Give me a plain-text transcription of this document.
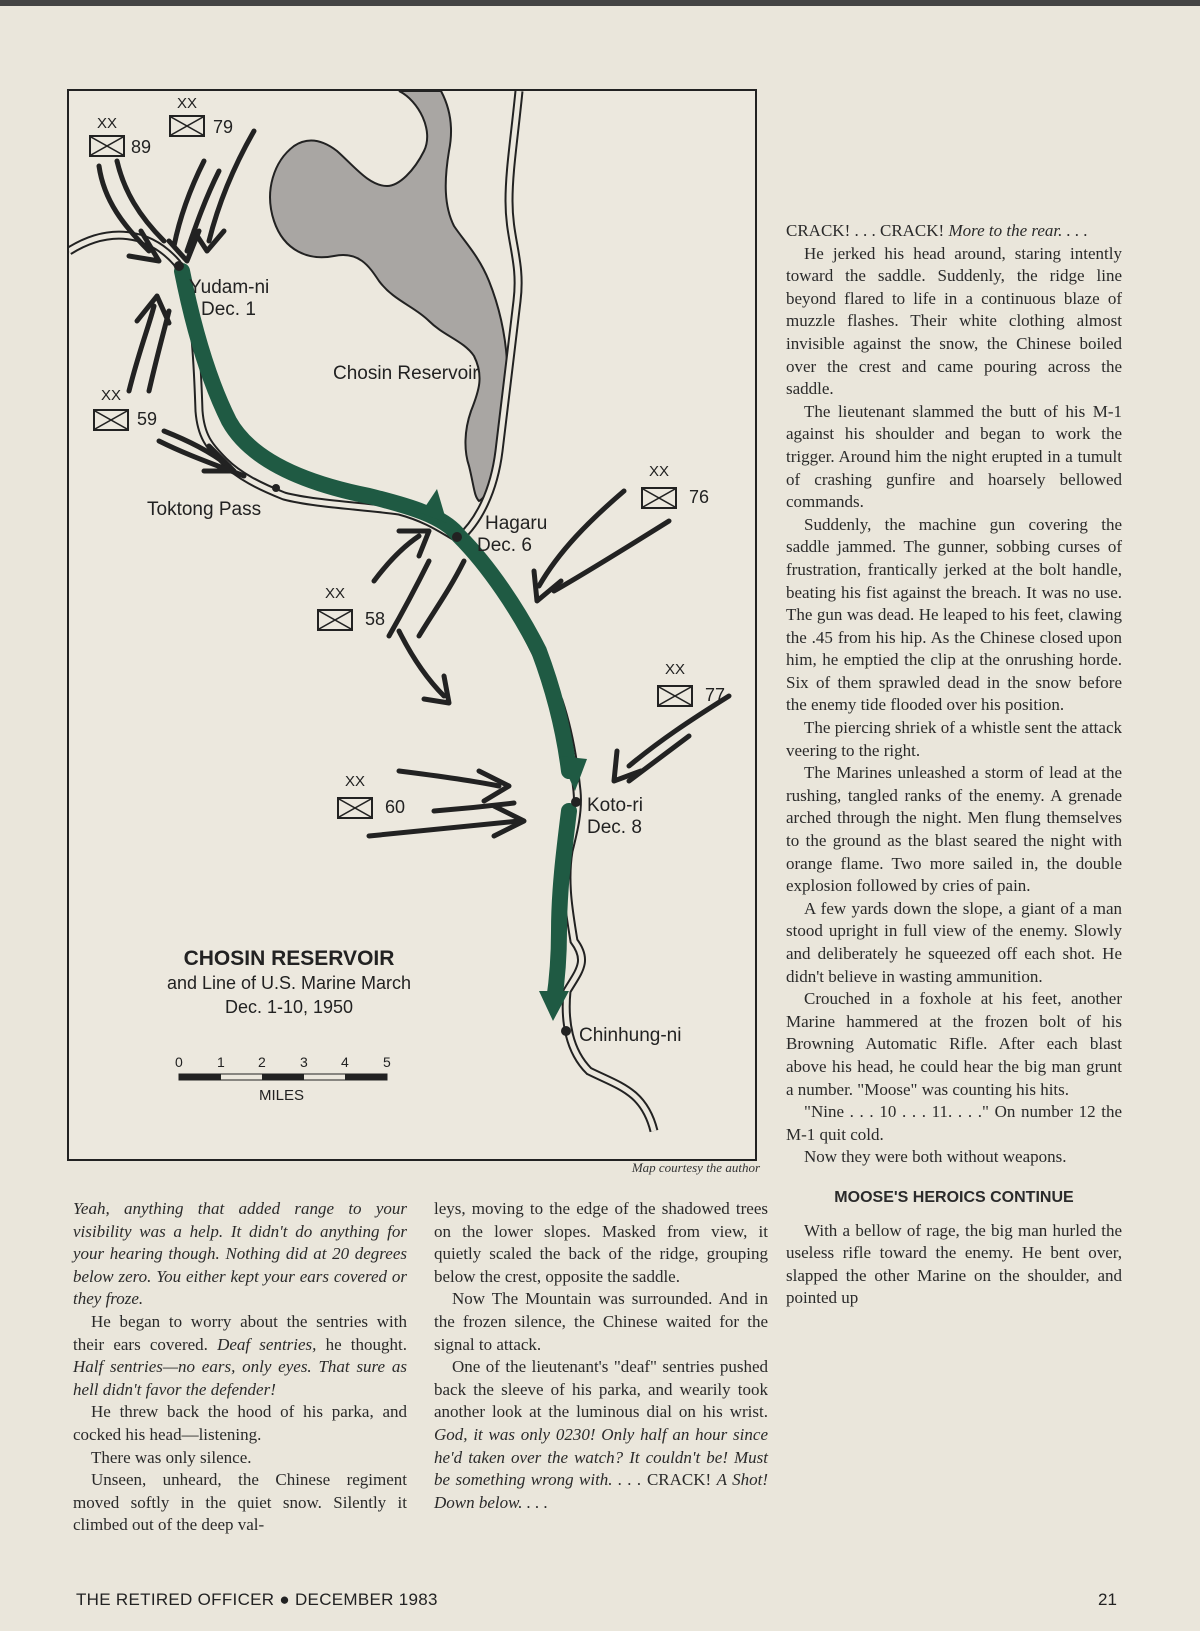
XX
89
XX
79
XX
59
XX
76
XX
58
XX
77
XX
60
Yudam-ni
Dec. 1
Chosin Reservoir
Toktong Pass
Hagaru
Dec. 6
Koto-ri
Dec. 8
Chinhung-ni
CHOSIN RESERVOIR
and Line of U.S. Marine March
Dec. 1-10, 1950
0 1 2 3 4 5
MILES
Map courtesy the author

Yeah, anything that added range to your visibility was a help. It didn't do anything for your hearing though. Nothing did at 20 degrees below zero. You either kept your ears covered or they froze.

He began to worry about the sentries with their ears covered. Deaf sentries, he thought. Half sentries—no ears, only eyes. That sure as hell didn't favor the defender!

He threw back the hood of his parka, and cocked his head—listening.

There was only silence.

Unseen, unheard, the Chinese regiment moved softly in the quiet snow. Silently it climbed out of the deep val-

leys, moving to the edge of the shadowed trees on the lower slopes. Masked from view, it quietly scaled the back of the ridge, grouping below the crest, opposite the saddle.

Now The Mountain was surrounded. And in the frozen silence, the Chinese waited for the signal to attack.

One of the lieutenant's "deaf" sentries pushed back the sleeve of his parka, and wearily took another look at the luminous dial on his wrist. God, it was only 0230! Only half an hour since he'd taken over the watch? It couldn't be! Must be something wrong with. . . . CRACK! A Shot! Down below. . . .

CRACK! . . . CRACK! More to the rear. . . .

He jerked his head around, staring intently toward the saddle. Suddenly, the ridge line beyond flared to life in a continuous blaze of muzzle flashes. Their white clothing almost invisible against the snow, the Chinese boiled over the crest and came pouring across the saddle.

The lieutenant slammed the butt of his M-1 against his shoulder and began to work the trigger. Around him the night erupted in a tumult of crashing gunfire and hoarsely bellowed commands.

Suddenly, the machine gun covering the saddle jammed. The gunner, sobbing curses of frustration, frantically jerked at the bolt handle, beating his fist against the breach. It was no use. The gun was dead. He leaped to his feet, clawing the .45 from his hip. As the Chinese closed upon him, he emptied the clip at the onrushing horde. Six of them sprawled dead in the snow before the enemy tide flooded over his position.

The piercing shriek of a whistle sent the attack veering to the right.

The Marines unleashed a storm of lead at the rushing, tangled ranks of the enemy. A grenade arched through the night. Men flung themselves to the ground as the blast seared the night with orange flame. Two more sailed in, the double explosion followed by cries of pain.

A few yards down the slope, a giant of a man stood upright in full view of the enemy. Slowly and deliberately he squeezed off each shot. He didn't believe in wasting ammunition.

Crouched in a foxhole at his feet, another Marine hammered at the frozen bolt of his Browning Automatic Rifle. After each blast above his head, he could hear the big man grunt a number. "Moose" was counting his hits.

"Nine . . . 10 . . . 11. . . ." On number 12 the M-1 quit cold.

Now they were both without weapons.

MOOSE'S HEROICS CONTINUE

With a bellow of rage, the big man hurled the useless rifle toward the enemy. He bent over, slapped the other Marine on the shoulder, and pointed up

THE RETIRED OFFICER ● DECEMBER 1983	21
